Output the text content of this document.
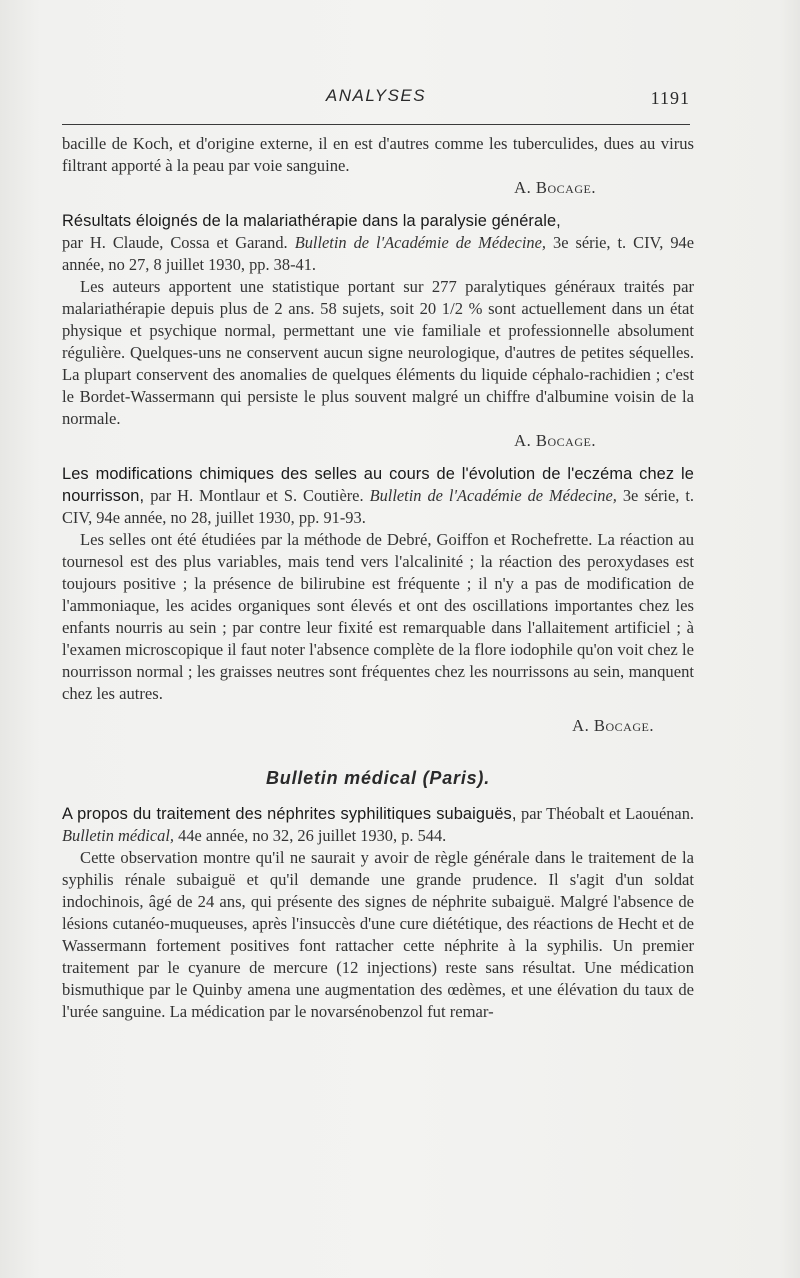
ANALYSES	1191

bacille de Koch, et d'origine externe, il en est d'autres comme les tuberculides, dues au virus filtrant apporté à la peau par voie sanguine.

A. Bocage.

Résultats éloignés de la malariathérapie dans la paralysie générale,
par H. Claude, Cossa et Garand. Bulletin de l'Académie de Médecine, 3e série, t. CIV, 94e année, no 27, 8 juillet 1930, pp. 38-41.

Les auteurs apportent une statistique portant sur 277 paralytiques généraux traités par malariathérapie depuis plus de 2 ans. 58 sujets, soit 20 1/2 % sont actuellement dans un état physique et psychique normal, permettant une vie familiale et professionnelle absolument régulière. Quelques-uns ne conservent aucun signe neurologique, d'autres de petites séquelles. La plupart conservent des anomalies de quelques éléments du liquide céphalo-rachidien ; c'est le Bordet-Wassermann qui persiste le plus souvent malgré un chiffre d'albumine voisin de la normale.

A. Bocage.

Les modifications chimiques des selles au cours de l'évolution de l'eczéma chez le nourrisson, par H. Montlaur et S. Coutière. Bulletin de l'Académie de Médecine, 3e série, t. CIV, 94e année, no 28, juillet 1930, pp. 91-93.

Les selles ont été étudiées par la méthode de Debré, Goiffon et Rochefrette. La réaction au tournesol est des plus variables, mais tend vers l'alcalinité ; la réaction des peroxydases est toujours positive ; la présence de bilirubine est fréquente ; il n'y a pas de modification de l'ammoniaque, les acides organiques sont élevés et ont des oscillations importantes chez les enfants nourris au sein ; par contre leur fixité est remarquable dans l'allaitement artificiel ; à l'examen microscopique il faut noter l'absence complète de la flore iodophile qu'on voit chez le nourrisson normal ; les graisses neutres sont fréquentes chez les nourrissons au sein, manquent chez les autres.

A. Bocage.

Bulletin médical (Paris).

A propos du traitement des néphrites syphilitiques subaiguës, par Théobalt et Laouénan. Bulletin médical, 44e année, no 32, 26 juillet 1930, p. 544.

Cette observation montre qu'il ne saurait y avoir de règle générale dans le traitement de la syphilis rénale subaiguë et qu'il demande une grande prudence. Il s'agit d'un soldat indochinois, âgé de 24 ans, qui présente des signes de néphrite subaiguë. Malgré l'absence de lésions cutanéo-muqueuses, après l'insuccès d'une cure diététique, des réactions de Hecht et de Wassermann fortement positives font rattacher cette néphrite à la syphilis. Un premier traitement par le cyanure de mercure (12 injections) reste sans résultat. Une médication bismuthique par le Quinby amena une augmentation des œdèmes, et une élévation du taux de l'urée sanguine. La médication par le novarsénobenzol fut remar-
